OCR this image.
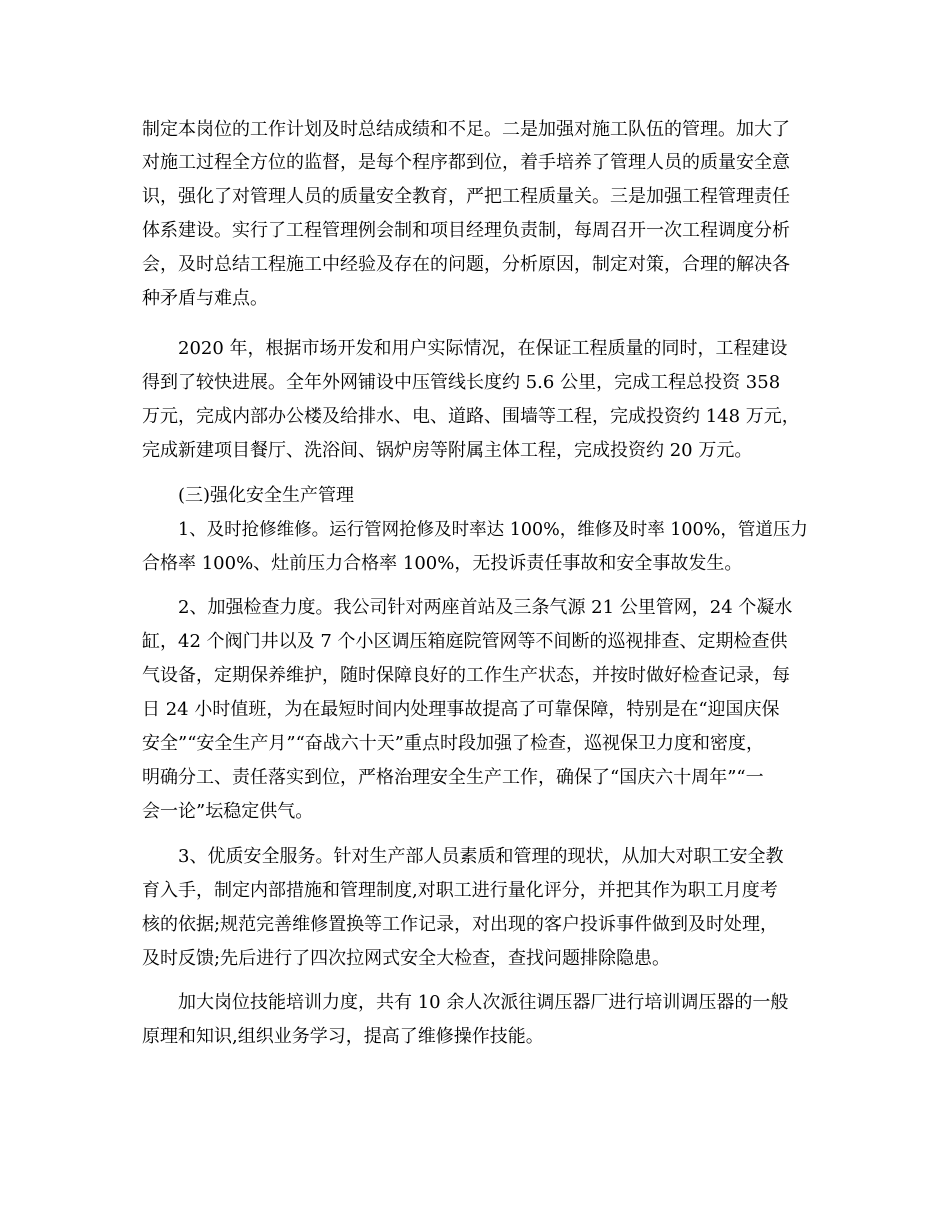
制定本岗位的工作计划及时总结成绩和不足。二是加强对施工队伍的管理。加大了
对施工过程全方位的监督，是每个程序都到位，着手培养了管理人员的质量安全意
识，强化了对管理人员的质量安全教育，严把工程质量关。三是加强工程管理责任
体系建设。实行了工程管理例会制和项目经理负责制，每周召开一次工程调度分析
会，及时总结工程施工中经验及存在的问题，分析原因，制定对策，合理的解决各
种矛盾与难点。
2020 年，根据市场开发和用户实际情况，在保证工程质量的同时，工程建设
得到了较快进展。全年外网铺设中压管线长度约 5.6 公里，完成工程总投资 358
万元，完成内部办公楼及给排水、电、道路、围墙等工程，完成投资约 148 万元，
完成新建项目餐厅、洗浴间、锅炉房等附属主体工程，完成投资约 20 万元。
(三)强化安全生产管理
1、及时抢修维修。运行管网抢修及时率达 100%，维修及时率 100%，管道压力
合格率 100%、灶前压力合格率 100%，无投诉责任事故和安全事故发生。
2、加强检查力度。我公司针对两座首站及三条气源 21 公里管网，24 个凝水
缸，42 个阀门井以及 7 个小区调压箱庭院管网等不间断的巡视排查、定期检查供
气设备，定期保养维护，随时保障良好的工作生产状态，并按时做好检查记录，每
日 24 小时值班，为在最短时间内处理事故提高了可靠保障，特别是在“迎国庆保
安全”“安全生产月”“奋战六十天”重点时段加强了检查，巡视保卫力度和密度，
明确分工、责任落实到位，严格治理安全生产工作，确保了“国庆六十周年”“一
会一论”坛稳定供气。
3、优质安全服务。针对生产部人员素质和管理的现状，从加大对职工安全教
育入手，制定内部措施和管理制度,对职工进行量化评分，并把其作为职工月度考
核的依据;规范完善维修置换等工作记录，对出现的客户投诉事件做到及时处理，
及时反馈;先后进行了四次拉网式安全大检查，查找问题排除隐患。
加大岗位技能培训力度，共有 10 余人次派往调压器厂进行培训调压器的一般
原理和知识,组织业务学习，提高了维修操作技能。
